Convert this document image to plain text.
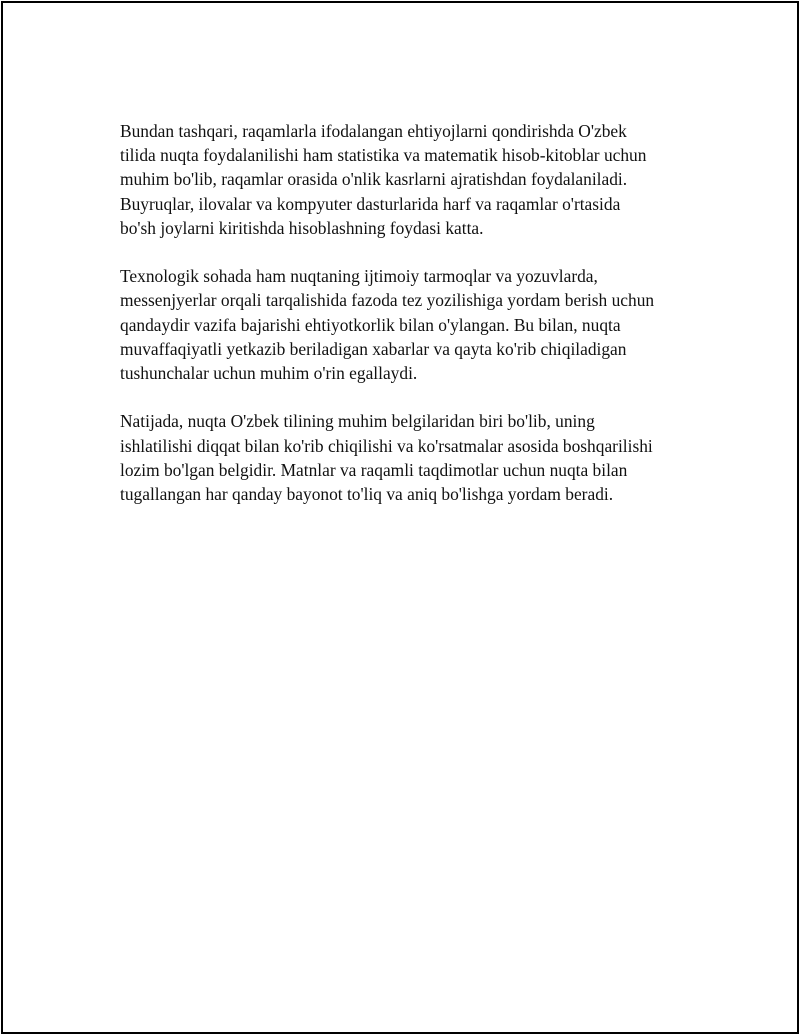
Bundan tashqari, raqamlarla ifodalangan ehtiyojlarni qondirishda O'zbek
tilida nuqta foydalanilishi ham statistika va matematik hisob-kitoblar uchun
muhim bo'lib, raqamlar orasida o'nlik kasrlarni ajratishdan foydalaniladi.
Buyruqlar, ilovalar va kompyuter dasturlarida harf va raqamlar o'rtasida
bo'sh joylarni kiritishda hisoblashning foydasi katta.

Texnologik sohada ham nuqtaning ijtimoiy tarmoqlar va yozuvlarda,
messenjyerlar orqali tarqalishida fazoda tez yozilishiga yordam berish uchun
qandaydir vazifa bajarishi ehtiyotkorlik bilan o'ylangan. Bu bilan, nuqta
muvaffaqiyatli yetkazib beriladigan xabarlar va qayta ko'rib chiqiladigan
tushunchalar uchun muhim o'rin egallaydi.

Natijada, nuqta O'zbek tilining muhim belgilaridan biri bo'lib, uning
ishlatilishi diqqat bilan ko'rib chiqilishi va ko'rsatmalar asosida boshqarilishi
lozim bo'lgan belgidir. Matnlar va raqamli taqdimotlar uchun nuqta bilan
tugallangan har qanday bayonot to'liq va aniq bo'lishga yordam beradi.
